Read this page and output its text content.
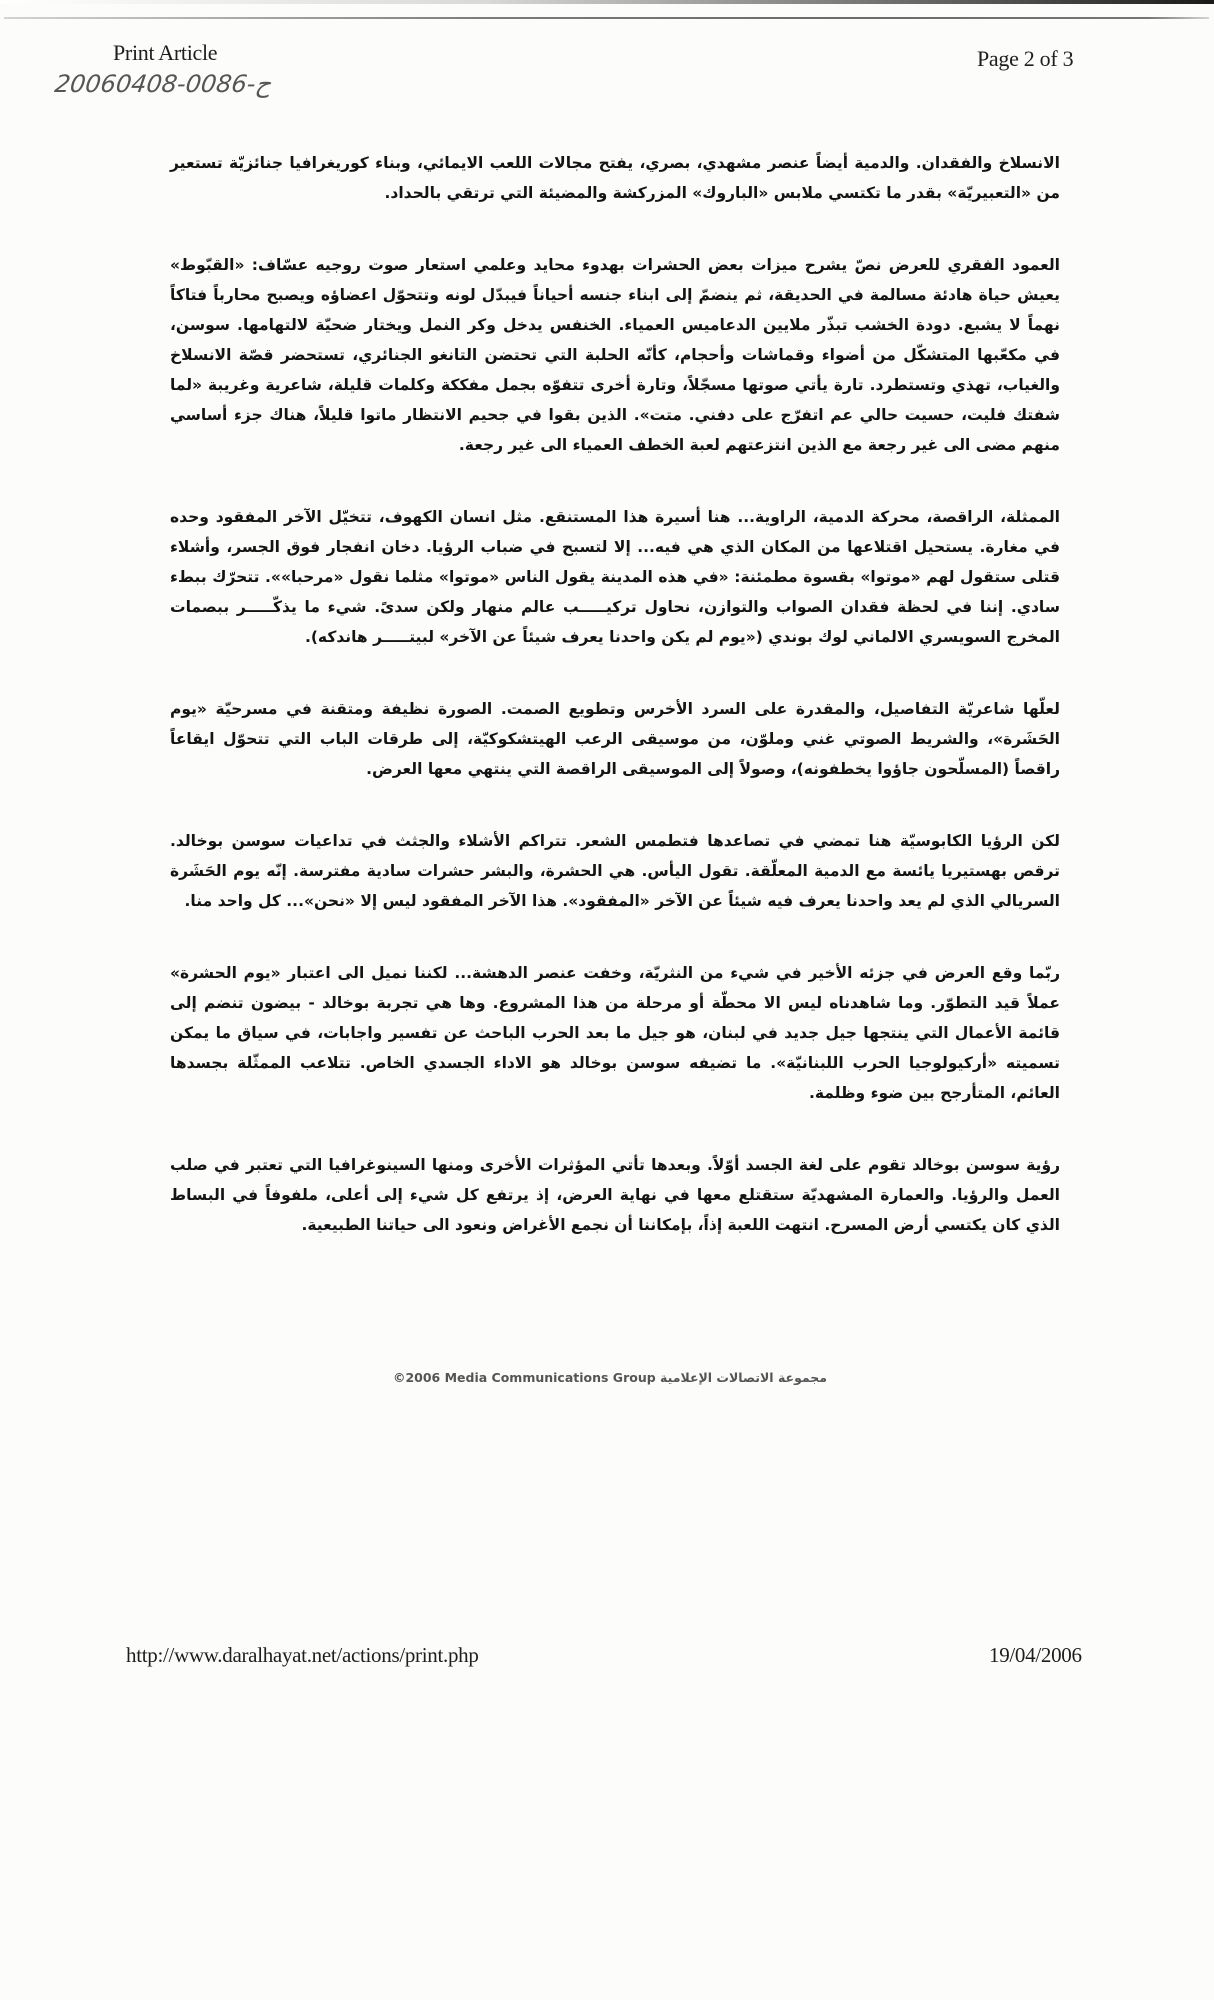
Print Article	Page 2 of 3
20060408-0086-ح

الانسلاخ والفقدان. والدمية أيضاً عنصر مشهدي، بصري، يفتح مجالات اللعب الايمائي، وبناء كوريغرافيا جنائزيّة تستعير من «التعبيريّة» بقدر ما تكتسي ملابس «الباروك» المزركشة والمضيئة التي ترتقي بالحداد.

العمود الفقري للعرض نصّ يشرح ميزات بعض الحشرات بهدوء محايد وعلمي استعار صوت روجيه عسّاف: «القبّوط» يعيش حياة هادئة مسالمة في الحديقة، ثم ينضمّ إلى ابناء جنسه أحياناً فيبدّل لونه وتتحوّل اعضاؤه ويصبح محارباً فتاكاً نهماً لا يشبع. دودة الخشب تبذّر ملايين الدعاميس العمياء. الخنفس يدخل وكر النمل ويختار ضحيّة لالتهامها. سوسن، في مكعّبها المتشكّل من أضواء وقماشات وأحجام، كأنّه الحلبة التي تحتضن التانغو الجنائري، تستحضر قصّة الانسلاخ والغياب، تهذي وتستطرد. تارة يأتي صوتها مسجّلاً، وتارة أخرى تتفوّه بجمل مفككة وكلمات قليلة، شاعرية وغريبة «لما شفتك فليت، حسيت حالي عم اتفرّج على دفني. متت». الذين بقوا في جحيم الانتظار ماتوا قليلاً، هناك جزء أساسي منهم مضى الى غير رجعة مع الذين انتزعتهم لعبة الخطف العمياء الى غير رجعة.

الممثلة، الراقصة، محركة الدمية، الراوية... هنا أسيرة هذا المستنقع. مثل انسان الكهوف، تتخيّل الآخر المفقود وحده في مغارة. يستحيل اقتلاعها من المكان الذي هي فيه... إلا لتسبح في ضباب الرؤيا. دخان انفجار فوق الجسر، وأشلاء قتلى ستقول لهم «موتوا» بقسوة مطمئنة: «في هذه المدينة يقول الناس «موتوا» مثلما نقول «مرحبا»». تتحرّك ببطء سادي. إننا في لحظة فقدان الصواب والتوازن، نحاول تركيـــــب عالم منهار ولكن سدىً. شيء ما يذكّـــــر ببصمات المخرج السويسري الالماني لوك بوندي («يوم لم يكن واحدنا يعرف شيئاً عن الآخر» لبيتـــــر هاندكه).

لعلّها شاعريّة التفاصيل، والمقدرة على السرد الأخرس وتطويع الصمت. الصورة نظيفة ومتقنة في مسرحيّة «يوم الحَشَرة»، والشريط الصوتي غني وملوّن، من موسيقى الرعب الهيتشكوكيّة، إلى طرقات الباب التي تتحوّل ايقاعاً راقصاً (المسلّحون جاؤوا يخطفونه)، وصولاً إلى الموسيقى الراقصة التي ينتهي معها العرض.

لكن الرؤيا الكابوسيّة هنا تمضي في تصاعدها فتطمس الشعر. تتراكم الأشلاء والجثث في تداعيات سوسن بوخالد. ترقص بهستيريا يائسة مع الدمية المعلّقة. تقول اليأس. هي الحشرة، والبشر حشرات سادية مفترسة. إنّه يوم الحَشَرة السريالي الذي لم يعد واحدنا يعرف فيه شيئاً عن الآخر «المفقود». هذا الآخر المفقود ليس إلا «نحن»... كل واحد منا.

ربّما وقع العرض في جزئه الأخير في شيء من النثريّة، وخفت عنصر الدهشة... لكننا نميل الى اعتبار «يوم الحشرة» عملاً قيد التطوّر. وما شاهدناه ليس الا محطّة أو مرحلة من هذا المشروع. وها هي تجربة بوخالد - بيضون تنضم إلى قائمة الأعمال التي ينتجها جيل جديد في لبنان، هو جيل ما بعد الحرب الباحث عن تفسير واجابات، في سياق ما يمكن تسميته «أركيولوجيا الحرب اللبنانيّة». ما تضيفه سوسن بوخالد هو الاداء الجسدي الخاص. تتلاعب الممثّلة بجسدها العائم، المتأرجح بين ضوء وظلمة.

رؤية سوسن بوخالد تقوم على لغة الجسد أوّلاً. وبعدها تأتي المؤثرات الأخرى ومنها السينوغرافيا التي تعتبر في صلب العمل والرؤيا. والعمارة المشهديّة ستقتلع معها في نهاية العرض، إذ يرتفع كل شيء إلى أعلى، ملفوفاً في البساط الذي كان يكتسي أرض المسرح. انتهت اللعبة إذاً، بإمكاننا أن نجمع الأغراض ونعود الى حياتنا الطبيعية.

©2006 Media Communications Group مجموعة الاتصالات الإعلامية
http://www.daralhayat.net/actions/print.php	19/04/2006
